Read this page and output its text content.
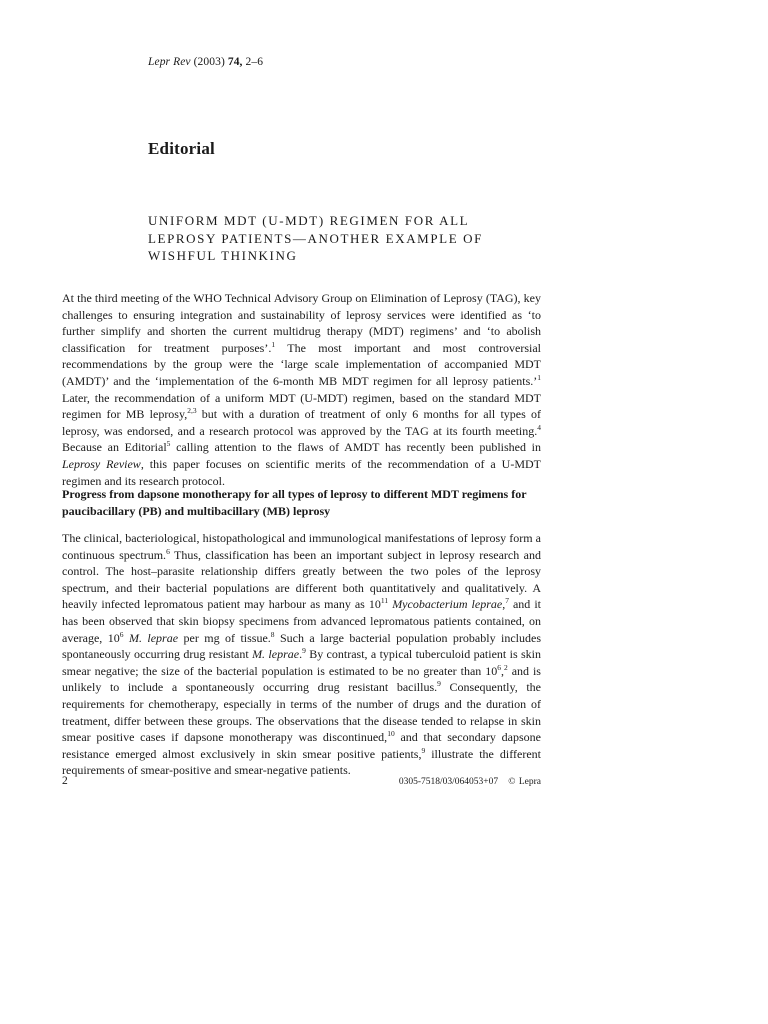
Lepr Rev (2003) 74, 2–6
Editorial
UNIFORM MDT (U-MDT) REGIMEN FOR ALL
LEPROSY PATIENTS—ANOTHER EXAMPLE OF
WISHFUL THINKING

At the third meeting of the WHO Technical Advisory Group on Elimination of Leprosy (TAG), key challenges to ensuring integration and sustainability of leprosy services were identified as ‘to further simplify and shorten the current multidrug therapy (MDT) regimens’ and ‘to abolish classification for treatment purposes’.$^1$ The most important and most controversial recommendations by the group were the ‘large scale implementation of accompanied MDT (AMDT)’ and the ‘implementation of the 6-month MB MDT regimen for all leprosy patients.’$^1$ Later, the recommendation of a uniform MDT (U-MDT) regimen, based on the standard MDT regimen for MB leprosy,$^{2,3}$ but with a duration of treatment of only 6 months for all types of leprosy, was endorsed, and a research protocol was approved by the TAG at its fourth meeting.$^4$ Because an Editorial$^5$ calling attention to the flaws of AMDT has recently been published in Leprosy Review, this paper focuses on scientific merits of the recommendation of a U-MDT regimen and its research protocol.

Progress from dapsone monotherapy for all types of leprosy to different MDT regimens for paucibacillary (PB) and multibacillary (MB) leprosy

The clinical, bacteriological, histopathological and immunological manifestations of leprosy form a continuous spectrum.$^6$ Thus, classification has been an important subject in leprosy research and control. The host–parasite relationship differs greatly between the two poles of the leprosy spectrum, and their bacterial populations are different both quantitatively and qualitatively. A heavily infected lepromatous patient may harbour as many as $10^{11}$ Mycobacterium leprae,$^7$ and it has been observed that skin biopsy specimens from advanced lepromatous patients contained, on average, $10^6$ M. leprae per mg of tissue.$^8$ Such a large bacterial population probably includes spontaneously occurring drug resistant M. leprae.$^9$ By contrast, a typical tuberculoid patient is skin smear negative; the size of the bacterial population is estimated to be no greater than $10^6,^2$ and is unlikely to include a spontaneously occurring drug resistant bacillus.$^9$ Consequently, the requirements for chemotherapy, especially in terms of the number of drugs and the duration of treatment, differ between these groups. The observations that the disease tended to relapse in skin smear positive cases if dapsone monotherapy was discontinued,$^{10}$ and that secondary dapsone resistance emerged almost exclusively in skin smear positive patients,$^9$ illustrate the different requirements of smear-positive and smear-negative patients.

2	0305-7518/03/064053+07 © Lepra
